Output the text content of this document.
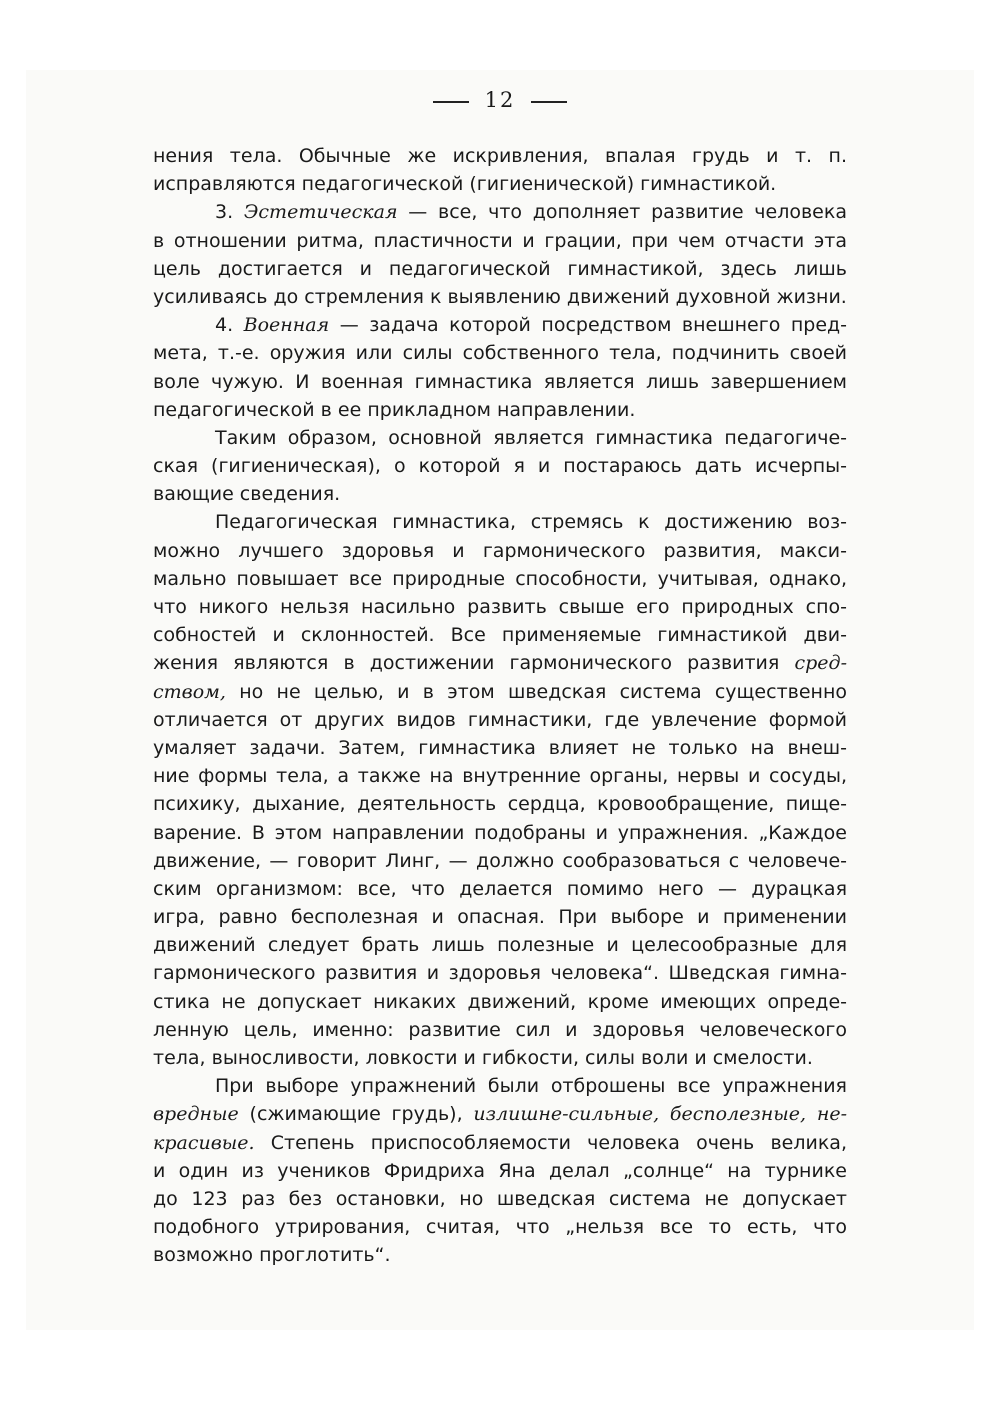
12
нения тела. Обычные же искривления, впалая грудь и т. п.
исправляются педагогической (гигиенической) гимнастикой.
3. Эстетическая — все, что дополняет развитие человека
в отношении ритма, пластичности и грации, при чем отчасти эта
цель достигается и педагогической гимнастикой, здесь лишь
усиливаясь до стремления к выявлению движений духовной жизни.
4. Военная — задача которой посредством внешнего пред-
мета, т.-е. оружия или силы собственного тела, подчинить своей
воле чужую. И военная гимнастика является лишь завершением
педагогической в ее прикладном направлении.
Таким образом, основной является гимнастика педагогиче-
ская (гигиеническая), о которой я и постараюсь дать исчерпы-
вающие сведения.
Педагогическая гимнастика, стремясь к достижению воз-
можно лучшего здоровья и гармонического развития, макси-
мально повышает все природные способности, учитывая, однако,
что никого нельзя насильно развить свыше его природных спо-
собностей и склонностей. Все применяемые гимнастикой дви-
жения являются в достижении гармонического развития сред-
ством, но не целью, и в этом шведская система существенно
отличается от других видов гимнастики, где увлечение формой
умаляет задачи. Затем, гимнастика влияет не только на внеш-
ние формы тела, а также на внутренние органы, нервы и сосуды,
психику, дыхание, деятельность сердца, кровообращение, пище-
варение. В этом направлении подобраны и упражнения. „Каждое
движение, — говорит Линг, — должно сообразоваться с человече-
ским организмом: все, что делается помимо него — дурацкая
игра, равно бесполезная и опасная. При выборе и применении
движений следует брать лишь полезные и целесообразные для
гармонического развития и здоровья человека“. Шведская гимна-
стика не допускает никаких движений, кроме имеющих опреде-
ленную цель, именно: развитие сил и здоровья человеческого
тела, выносливости, ловкости и гибкости, силы воли и смелости.
При выборе упражнений были отброшены все упражнения
вредные (сжимающие грудь), излишне-сильные, бесполезные, не-
красивые. Степень приспособляемости человека очень велика,
и один из учеников Фридриха Яна делал „солнце“ на турнике
до 123 раз без остановки, но шведская система не допускает
подобного утрирования, считая, что „нельзя все то есть, что
возможно проглотить“.
